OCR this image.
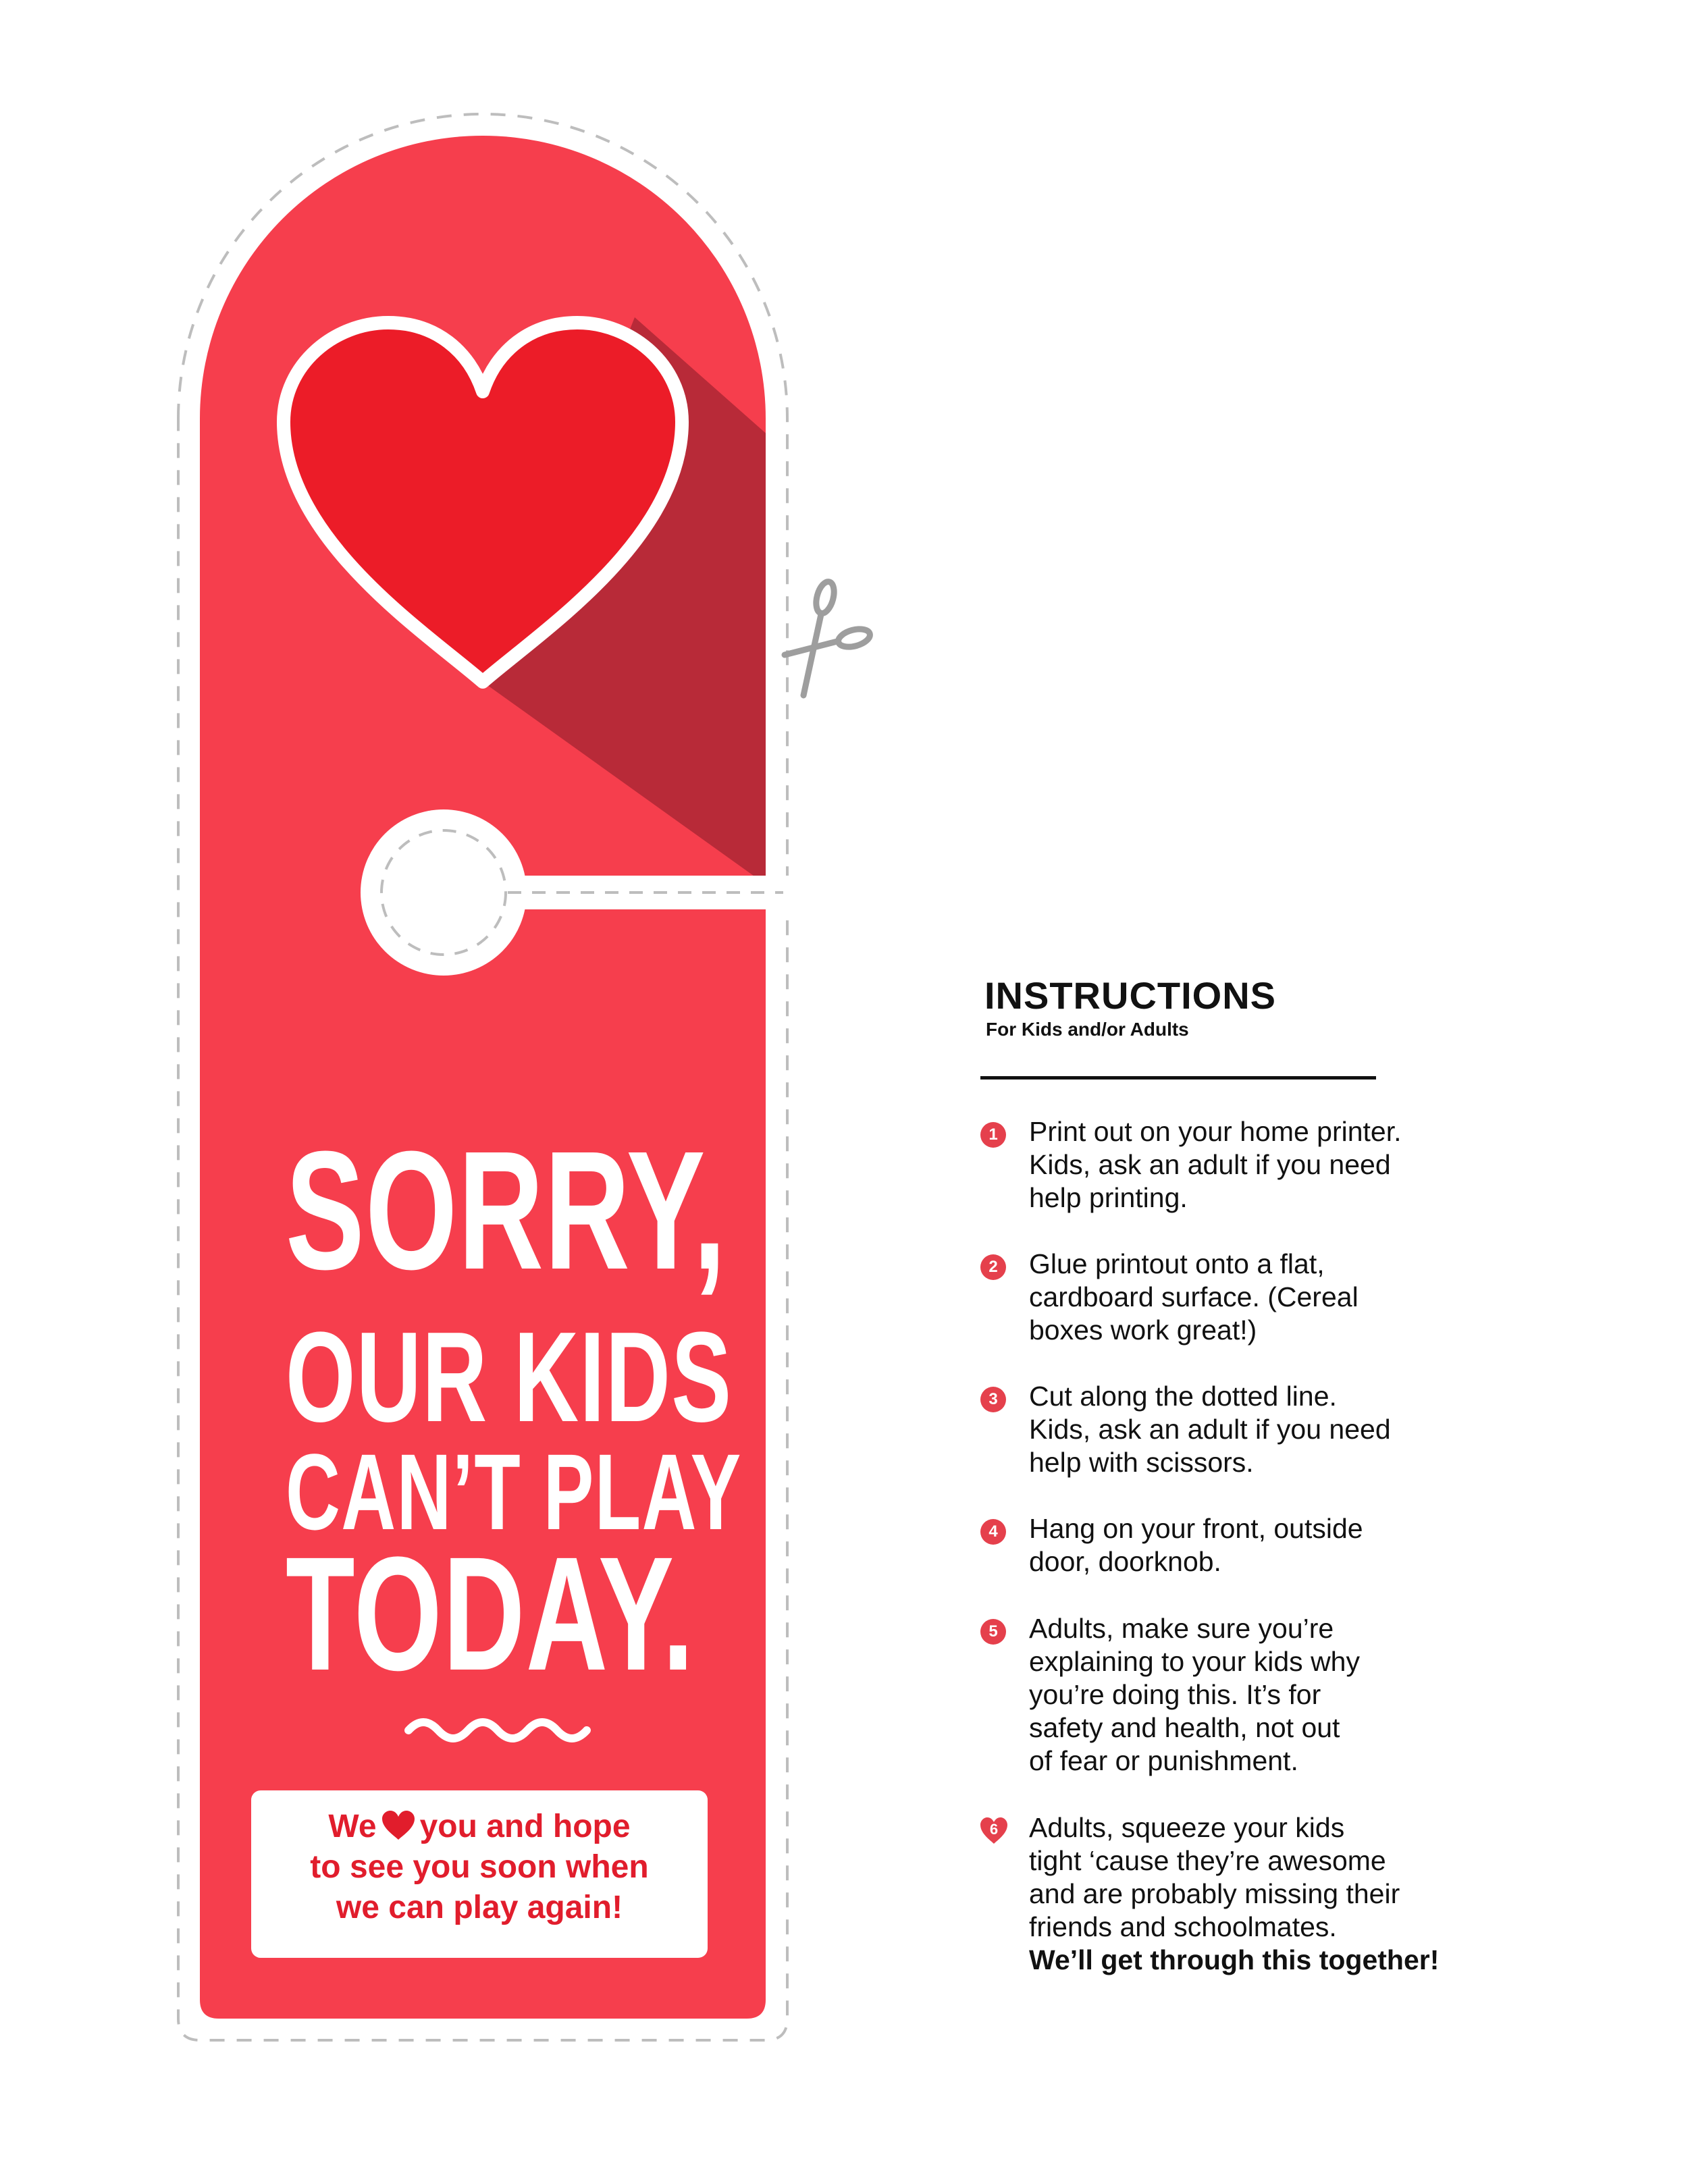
SORRY,
OUR KIDS
CAN’T PLAY
TODAY.
We you and hope
to see you soon when
we can play again!
INSTRUCTIONS
For Kids and/or Adults
1	Print out on your home printer.
Kids, ask an adult if you need
help printing.
2	Glue printout onto a flat,
cardboard surface. (Cereal
boxes work great!)
3	Cut along the dotted line.
Kids, ask an adult if you need
help with scissors.
4	Hang on your front, outside
door, doorknob.
5	Adults, make sure you’re
explaining to your kids why
you’re doing this. It’s for
safety and health, not out
of fear or punishment.
6	Adults, squeeze your kids
tight ‘cause they’re awesome
and are probably missing their
friends and schoolmates.
We’ll get through this together!
